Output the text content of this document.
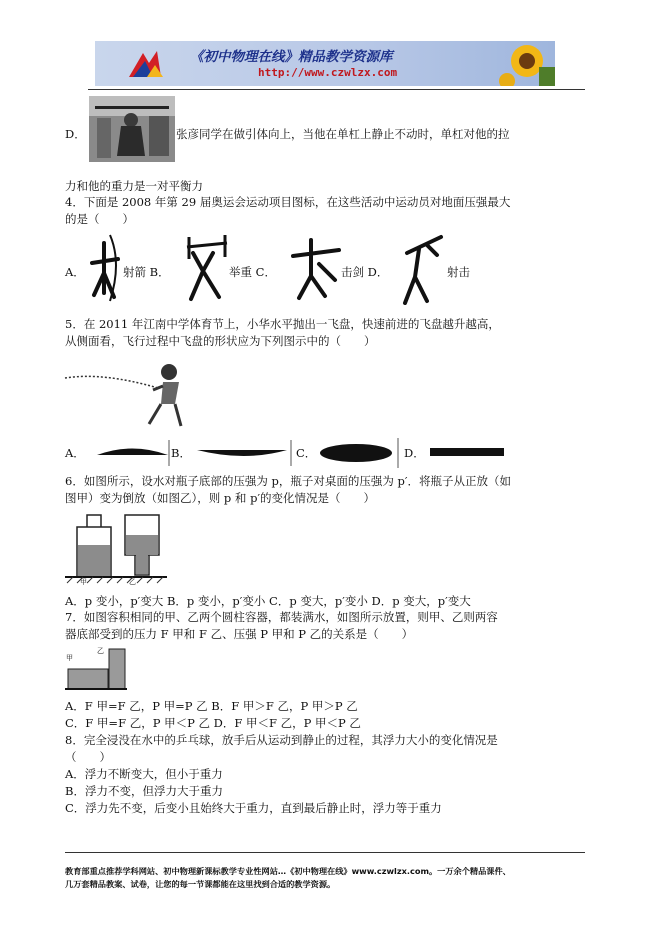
《初中物理在线》精品教学资源库
http://www.czwlzx.com
D．	张彦同学在做引体向上，当他在单杠上静止不动时，单杠对他的拉
力和他的重力是一对平衡力
4．下面是 2008 年第 29 届奥运会运动项目图标，在这些活动中运动员对地面压强最大
的是（　　）
A．	射箭 B．	举重 C．	击剑 D．	射击
5．在 2011 年江南中学体育节上，小华水平抛出一飞盘，快速前进的飞盘越升越高，
从侧面看，飞行过程中飞盘的形状应为下列图示中的（　　）
A．	B．	C．	D．
6．如图所示，设水对瓶子底部的压强为 p，瓶子对桌面的压强为 p′．将瓶子从正放（如
图甲）变为倒放（如图乙），则 p 和 p′的变化情况是（　　）
甲	乙
A．p 变小，p′变大 B．p 变小，p′变小 C．p 变大，p′变小 D．p 变大，p′变大
7．如图容积相同的甲、乙两个圆柱容器，都装满水，如图所示放置，则甲、乙则两容
器底部受到的压力 F 甲和 F 乙、压强 P 甲和 P 乙的关系是（　　）
甲
乙
A．F 甲=F 乙，P 甲=P 乙 B．F 甲＞F 乙，P 甲＞P 乙
C．F 甲=F 乙，P 甲＜P 乙 D．F 甲＜F 乙，P 甲＜P 乙
8．完全浸没在水中的乒乓球，放手后从运动到静止的过程，其浮力大小的变化情况是
（　　）
A．浮力不断变大，但小于重力
B．浮力不变，但浮力大于重力
C．浮力先不变，后变小且始终大于重力，直到最后静止时，浮力等于重力
教育部重点推荐学科网站、初中物理新课标教学专业性网站…《初中物理在线》www.czwlzx.com。一万余个精品课件、
几万套精品教案、试卷，让您的每一节课都能在这里找到合适的教学资源。
